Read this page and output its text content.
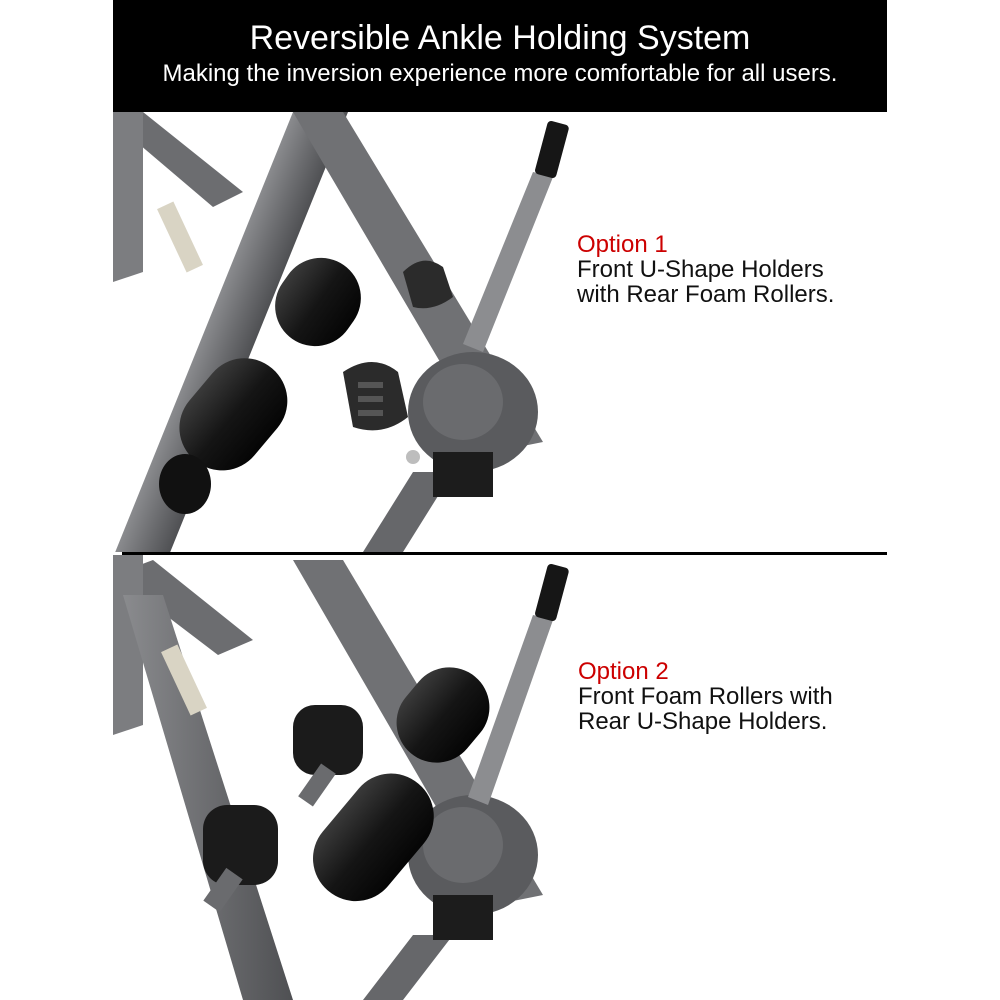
Reversible Ankle Holding System
Making the inversion experience more comfortable for all users.
Option 1
Front U-Shape Holders
with Rear Foam Rollers.
Option 2
Front Foam Rollers with
Rear U-Shape Holders.
